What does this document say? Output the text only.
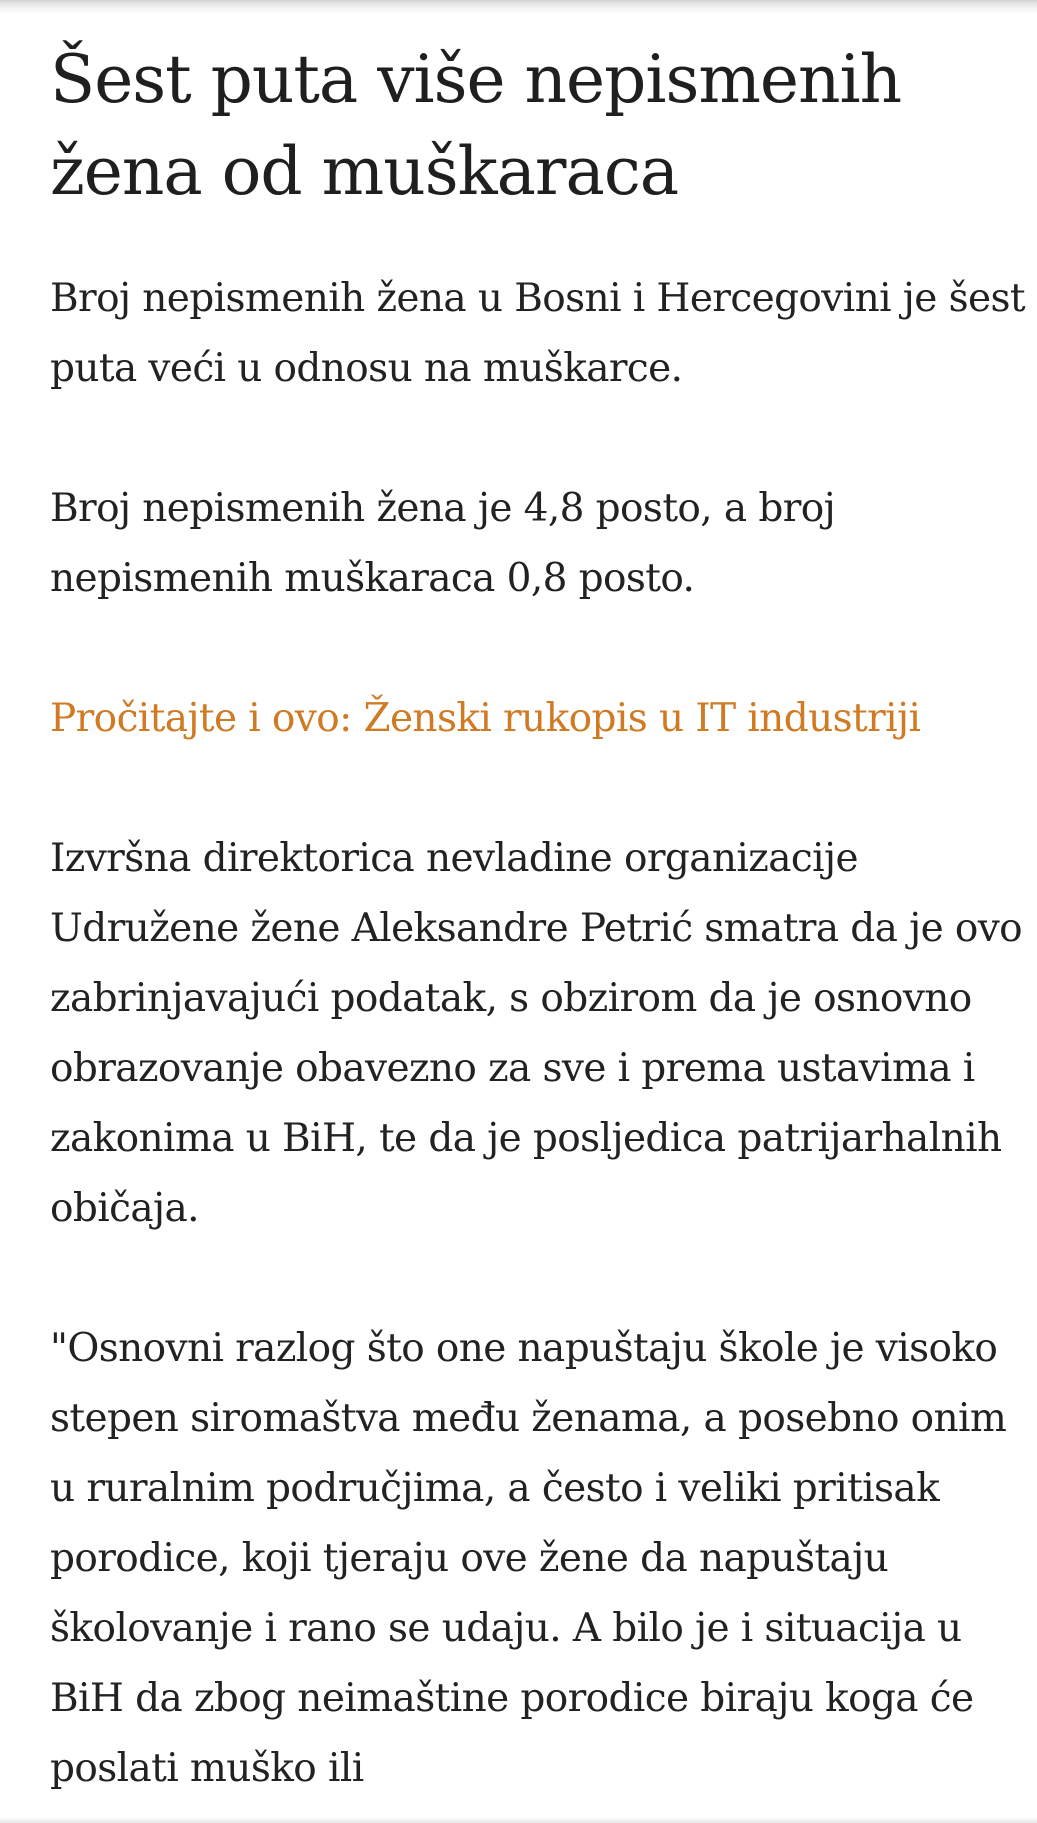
Šest puta više nepismenih žena od muškaraca

Broj nepismenih žena u Bosni i Hercegovini je šest puta veći u odnosu na muškarce.

Broj nepismenih žena je 4,8 posto, a broj nepismenih muškaraca 0,8 posto.

Pročitajte i ovo: Ženski rukopis u IT industriji

Izvršna direktorica nevladine organizacije Udružene žene Aleksandre Petrić smatra da je ovo zabrinjavajući podatak, s obzirom da je osnovno obrazovanje obavezno za sve i prema ustavima i zakonima u BiH, te da je posljedica patrijarhalnih običaja.

"Osnovni razlog što one napuštaju škole je visoko stepen siromaštva među ženama, a posebno onim u ruralnim područjima, a često i veliki pritisak porodice, koji tjeraju ove žene da napuštaju školovanje i rano se udaju. A bilo je i situacija u BiH da zbog neimaštine porodice biraju koga će poslati muško ili
